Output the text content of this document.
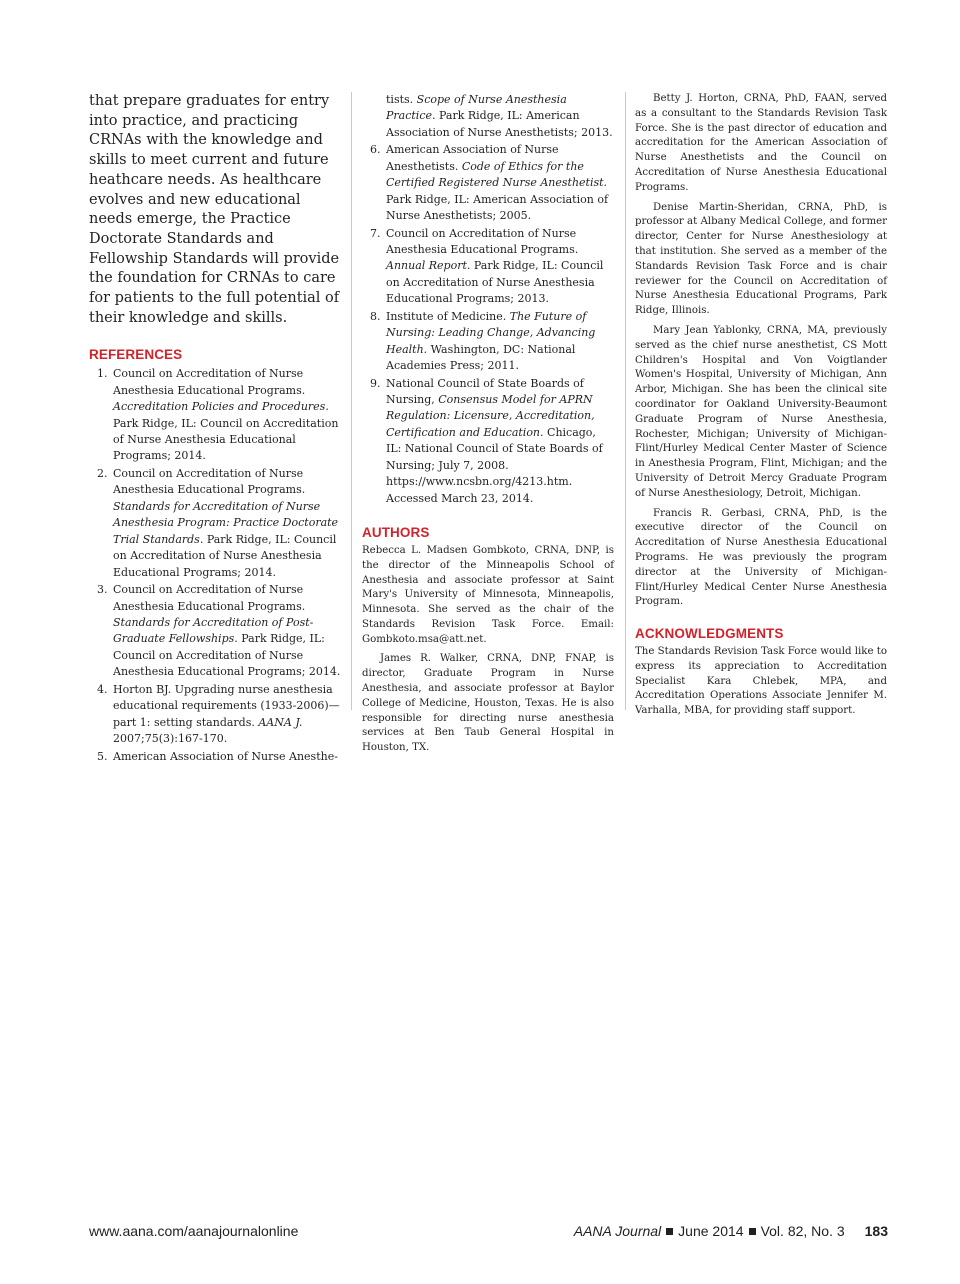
that prepare graduates for entry into practice, and practicing CRNAs with the knowledge and skills to meet current and future heathcare needs. As healthcare evolves and new educational needs emerge, the Practice Doctorate Standards and Fellowship Standards will provide the foundation for CRNAs to care for patients to the full potential of their knowledge and skills.

REFERENCES
1. Council on Accreditation of Nurse Anesthesia Educational Programs. Accreditation Policies and Procedures. Park Ridge, IL: Council on Accreditation of Nurse Anesthesia Educational Programs; 2014.
2. Council on Accreditation of Nurse Anesthesia Educational Programs. Standards for Accreditation of Nurse Anesthesia Program: Practice Doctorate Trial Standards. Park Ridge, IL: Council on Accreditation of Nurse Anesthesia Educational Programs; 2014.
3. Council on Accreditation of Nurse Anesthesia Educational Programs. Standards for Accreditation of Post-Graduate Fellowships. Park Ridge, IL: Council on Accreditation of Nurse Anesthesia Educational Programs; 2014.
4. Horton BJ. Upgrading nurse anesthesia educational requirements (1933-2006)—part 1: setting standards. AANA J. 2007;75(3):167-170.
5. American Association of Nurse Anesthe-
tists. Scope of Nurse Anesthesia Practice. Park Ridge, IL: American Association of Nurse Anesthetists; 2013.
6. American Association of Nurse Anesthetists. Code of Ethics for the Certified Registered Nurse Anesthetist. Park Ridge, IL: American Association of Nurse Anesthetists; 2005.
7. Council on Accreditation of Nurse Anesthesia Educational Programs. Annual Report. Park Ridge, IL: Council on Accreditation of Nurse Anesthesia Educational Programs; 2013.
8. Institute of Medicine. The Future of Nursing: Leading Change, Advancing Health. Washington, DC: National Academies Press; 2011.
9. National Council of State Boards of Nursing, Consensus Model for APRN Regulation: Licensure, Accreditation, Certification and Education. Chicago, IL: National Council of State Boards of Nursing; July 7, 2008. https://www.ncsbn.org/4213.htm. Accessed March 23, 2014.
AUTHORS

Rebecca L. Madsen Gombkoto, CRNA, DNP, is the director of the Minneapolis School of Anesthesia and associate professor at Saint Mary's University of Minnesota, Minneapolis, Minnesota. She served as the chair of the Standards Revision Task Force. Email: Gombkoto.msa@att.net.

James R. Walker, CRNA, DNP, FNAP, is director, Graduate Program in Nurse Anesthesia, and associate professor at Baylor College of Medicine, Houston, Texas. He is also responsible for directing nurse anesthesia services at Ben Taub General Hospital in Houston, TX.

Betty J. Horton, CRNA, PhD, FAAN, served as a consultant to the Standards Revision Task Force. She is the past director of education and accreditation for the American Association of Nurse Anesthetists and the Council on Accreditation of Nurse Anesthesia Educational Programs.

Denise Martin-Sheridan, CRNA, PhD, is professor at Albany Medical College, and former director, Center for Nurse Anesthesiology at that institution. She served as a member of the Standards Revision Task Force and is chair reviewer for the Council on Accreditation of Nurse Anesthesia Educational Programs, Park Ridge, Illinois.

Mary Jean Yablonky, CRNA, MA, previously served as the chief nurse anesthetist, CS Mott Children's Hospital and Von Voigtlander Women's Hospital, University of Michigan, Ann Arbor, Michigan. She has been the clinical site coordinator for Oakland University-Beaumont Graduate Program of Nurse Anesthesia, Rochester, Michigan; University of Michigan-Flint/Hurley Medical Center Master of Science in Anesthesia Program, Flint, Michigan; and the University of Detroit Mercy Graduate Program of Nurse Anesthesiology, Detroit, Michigan.

Francis R. Gerbasi, CRNA, PhD, is the executive director of the Council on Accreditation of Nurse Anesthesia Educational Programs. He was previously the program director at the University of Michigan-Flint/Hurley Medical Center Nurse Anesthesia Program.

ACKNOWLEDGMENTS

The Standards Revision Task Force would like to express its appreciation to Accreditation Specialist Kara Chlebek, MPA, and Accreditation Operations Associate Jennifer M. Varhalla, MBA, for providing staff support.

www.aana.com/aanajournalonline	AANA Journal June 2014 Vol. 82, No. 3 183
